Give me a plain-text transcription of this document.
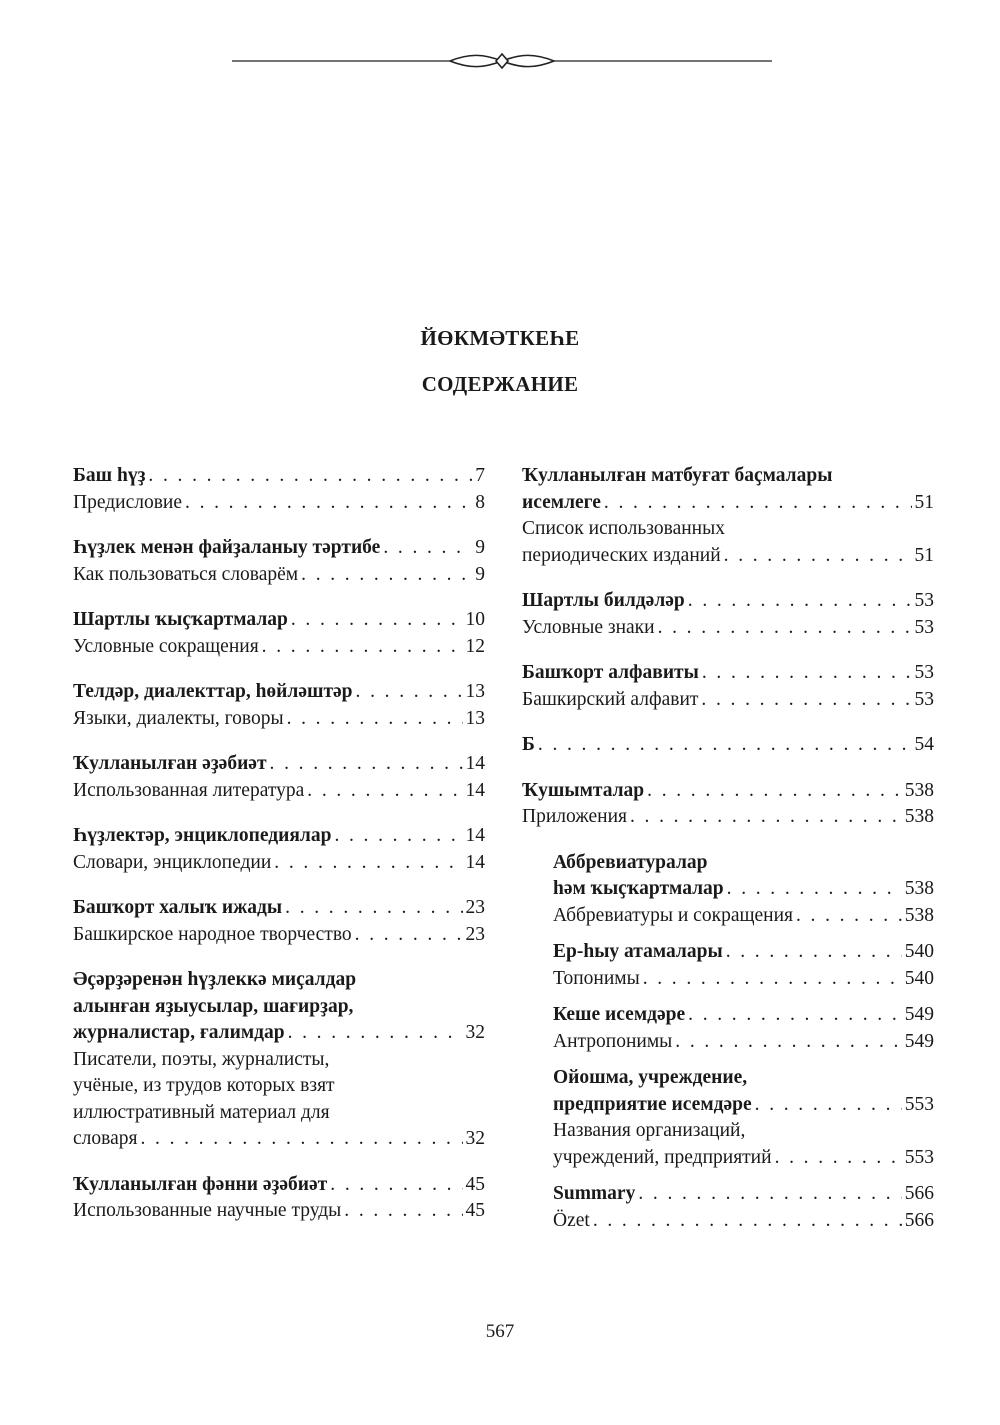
ЙӨКМӘТКЕҺЕ
СОДЕРЖАНИЕ
Баш һүҙ . . .	7
Предисловие . . .	8
Һүҙлек менән файҙаланыу тәртибе . . .	9
Как пользоваться словарём . . .	9
Шартлы ҡыҫҡартмалар . . .	10
Условные сокращения . . .	12
Телдәр, диалекттар, һөйләштәр . . .	13
Языки, диалекты, говоры . . .	13
Ҡулланылған әҙәбиәт . . .	14
Использованная литература . . .	14
Һүҙлектәр, энциклопедиялар . . .	14
Словари, энциклопедии . . .	14
Башҡорт халыҡ ижады . . .	23
Башкирское народное творчество . . .	23
Әҫәрҙәренән һүҙлеккә миҫалдар
алынған яҙыусылар, шағирҙар,
журналистар, ғалимдар . . .	32
Писатели, поэты, журналисты,
учёные, из трудов которых взят
иллюстративный материал для
словаря . . .	32
Ҡулланылған фәнни әҙәбиәт . . .	45
Использованные научные труды . . .	45
Ҡулланылған матбуғат баҫмалары
исемлеге . . .	51
Список использованных
периодических изданий . . .	51
Шартлы билдәләр . . .	53
Условные знаки . . .	53
Башҡорт алфавиты . . .	53
Башкирский алфавит . . .	53
Б . . .	54
Ҡушымталар . . .	538
Приложения . . .	538
Аббревиатуралар
һәм ҡыҫҡартмалар . . .	538
Аббревиатуры и сокращения . . .	538
Ер-һыу атамалары . . .	540
Топонимы . . .	540
Кеше исемдәре . . .	549
Антропонимы . . .	549
Ойошма, учреждение,
предприятие исемдәре . . .	553
Названия организаций,
учреждений, предприятий . . .	553
Summary . . .	566
Özet . . .	566
567
